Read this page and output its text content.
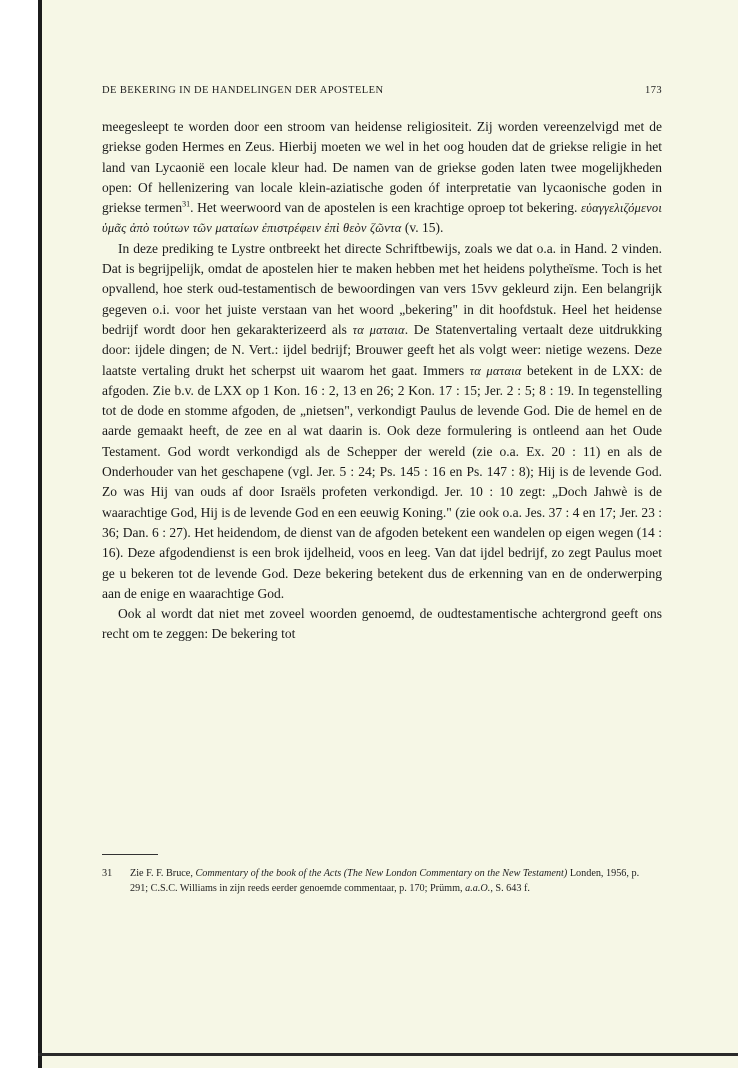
DE BEKERING IN DE HANDELINGEN DER APOSTELEN	173

meegesleept te worden door een stroom van heidense religiositeit. Zij worden vereenzelvigd met de griekse goden Hermes en Zeus. Hierbij moeten we wel in het oog houden dat de griekse religie in het land van Lycaonië een locale kleur had. De namen van de griekse goden laten twee mogelijkheden open: Of hellenizering van locale klein-aziatische goden óf interpretatie van lycaonische goden in griekse termen$^{31}$. Het weerwoord van de apostelen is een krachtige oproep tot bekering. εὐαγγελιζόμενοι ὑμᾶς ἀπὸ τούτων τῶν ματαίων ἐπιστρέφειν ἐπὶ θεὸν ζῶντα (v. 15).

In deze prediking te Lystre ontbreekt het directe Schriftbewijs, zoals we dat o.a. in Hand. 2 vinden. Dat is begrijpelijk, omdat de apostelen hier te maken hebben met het heidens polytheïsme. Toch is het opvallend, hoe sterk oud-testamentisch de bewoordingen van vers 15vv gekleurd zijn. Een belangrijk gegeven o.i. voor het juiste verstaan van het woord „bekering" in dit hoofdstuk. Heel het heidense bedrijf wordt door hen gekarakterizeerd als τα ματαια. De Statenvertaling vertaalt deze uitdrukking door: ijdele dingen; de N. Vert.: ijdel bedrijf; Brouwer geeft het als volgt weer: nietige wezens. Deze laatste vertaling drukt het scherpst uit waarom het gaat. Immers τα ματαια betekent in de LXX: de afgoden. Zie b.v. de LXX op 1 Kon. 16 : 2, 13 en 26; 2 Kon. 17 : 15; Jer. 2 : 5; 8 : 19. In tegenstelling tot de dode en stomme afgoden, de „nietsen", verkondigt Paulus de levende God. Die de hemel en de aarde gemaakt heeft, de zee en al wat daarin is. Ook deze formulering is ontleend aan het Oude Testament. God wordt verkondigd als de Schepper der wereld (zie o.a. Ex. 20 : 11) en als de Onderhouder van het geschapene (vgl. Jer. 5 : 24; Ps. 145 : 16 en Ps. 147 : 8); Hij is de levende God. Zo was Hij van ouds af door Israëls profeten verkondigd. Jer. 10 : 10 zegt: „Doch Jahwè is de waarachtige God, Hij is de levende God en een eeuwig Koning." (zie ook o.a. Jes. 37 : 4 en 17; Jer. 23 : 36; Dan. 6 : 27). Het heidendom, de dienst van de afgoden betekent een wandelen op eigen wegen (14 : 16). Deze afgodendienst is een brok ijdelheid, voos en leeg. Van dat ijdel bedrijf, zo zegt Paulus moet ge u bekeren tot de levende God. Deze bekering betekent dus de erkenning van en de onderwerping aan de enige en waarachtige God.

Ook al wordt dat niet met zoveel woorden genoemd, de oudtestamentische achtergrond geeft ons recht om te zeggen: De bekering tot

31 Zie F. F. Bruce, Commentary of the book of the Acts (The New London Commentary on the New Testament) Londen, 1956, p. 291; C.S.C. Williams in zijn reeds eerder genoemde commentaar, p. 170; Prümm, a.a.O., S. 643 f.
